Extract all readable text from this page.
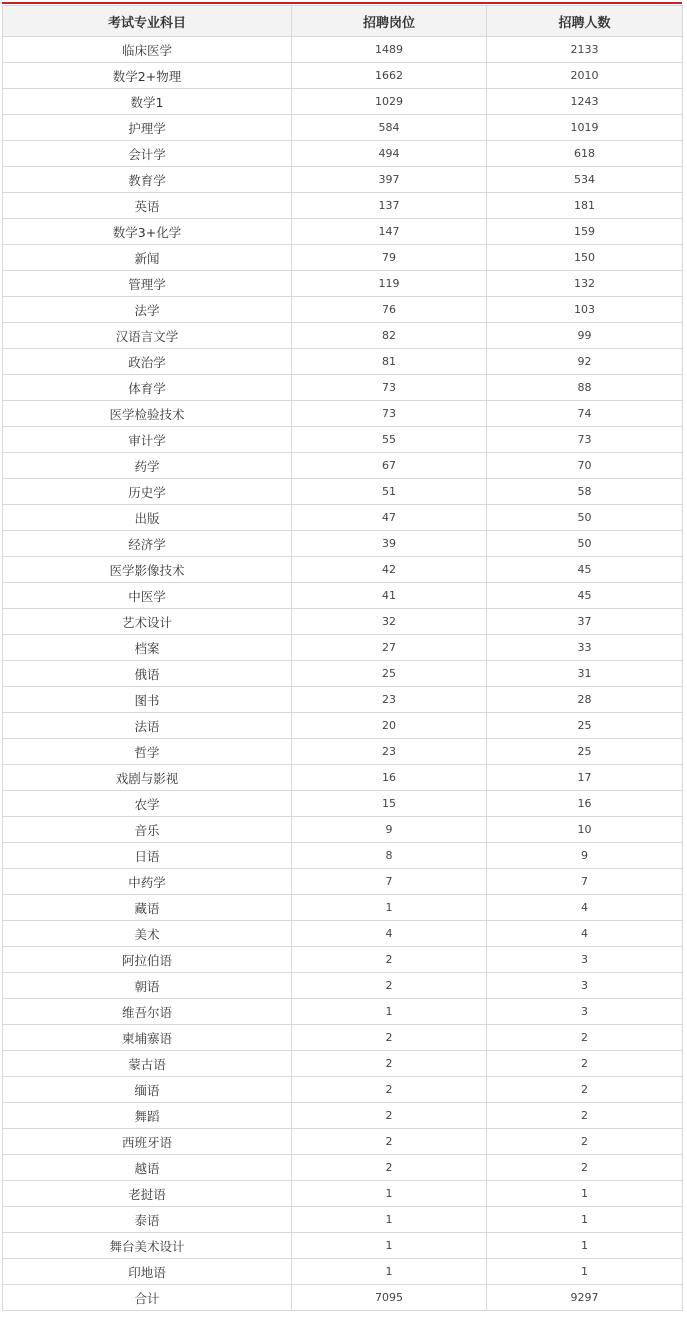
考试专业科目	招聘岗位	招聘人数
临床医学	1489	2133
数学2+物理	1662	2010
数学1	1029	1243
护理学	584	1019
会计学	494	618
教育学	397	534
英语	137	181
数学3+化学	147	159
新闻	79	150
管理学	119	132
法学	76	103
汉语言文学	82	99
政治学	81	92
体育学	73	88
医学检验技术	73	74
审计学	55	73
药学	67	70
历史学	51	58
出版	47	50
经济学	39	50
医学影像技术	42	45
中医学	41	45
艺术设计	32	37
档案	27	33
俄语	25	31
图书	23	28
法语	20	25
哲学	23	25
戏剧与影视	16	17
农学	15	16
音乐	9	10
日语	8	9
中药学	7	7
藏语	1	4
美术	4	4
阿拉伯语	2	3
朝语	2	3
维吾尔语	1	3
柬埔寨语	2	2
蒙古语	2	2
缅语	2	2
舞蹈	2	2
西班牙语	2	2
越语	2	2
老挝语	1	1
泰语	1	1
舞台美术设计	1	1
印地语	1	1
合计	7095	9297
